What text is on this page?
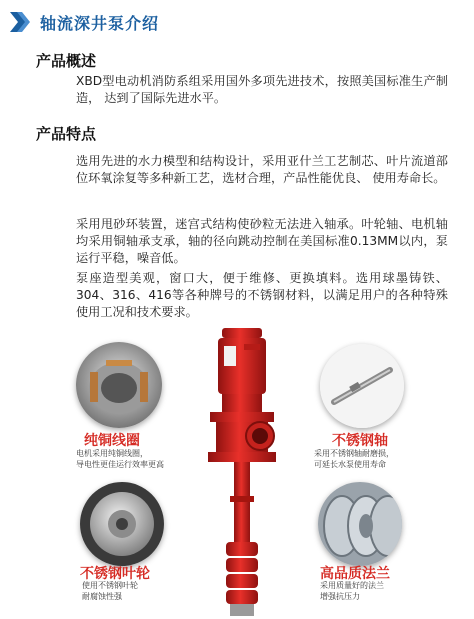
轴流深井泵介绍
产品概述
XBD型电动机消防系组采用国外多项先进技术，按照美国标准生产制造， 达到了国际先进水平。
产品特点
选用先进的水力模型和结构设计，采用亚什兰工艺制芯、叶片流道部位环氧涂复等多种新工艺，选材合理，产品性能优良、 使用寿命长。
采用甩砂环装置，迷宫式结构使砂粒无法进入轴承。叶轮轴、电机轴均采用铜轴承支承，轴的径向跳动控制在美国标准0.13MM以内，泵运行平稳，噪音低。
泵座造型美观，窗口大，便于维修、更换填料。选用球墨铸铁、304、316、416等各种牌号的不锈钢材料，以满足用户的各种特殊使用工况和技术要求。
纯铜线圈
电机采用纯铜线圈，
导电性更佳运行效率更高
不锈钢轴
采用不锈钢轴耐磨损，
可延长水泵使用寿命
不锈钢叶轮
使用不锈钢叶轮
耐腐蚀性强
高品质法兰
采用质量好的法兰
增强抗压力
